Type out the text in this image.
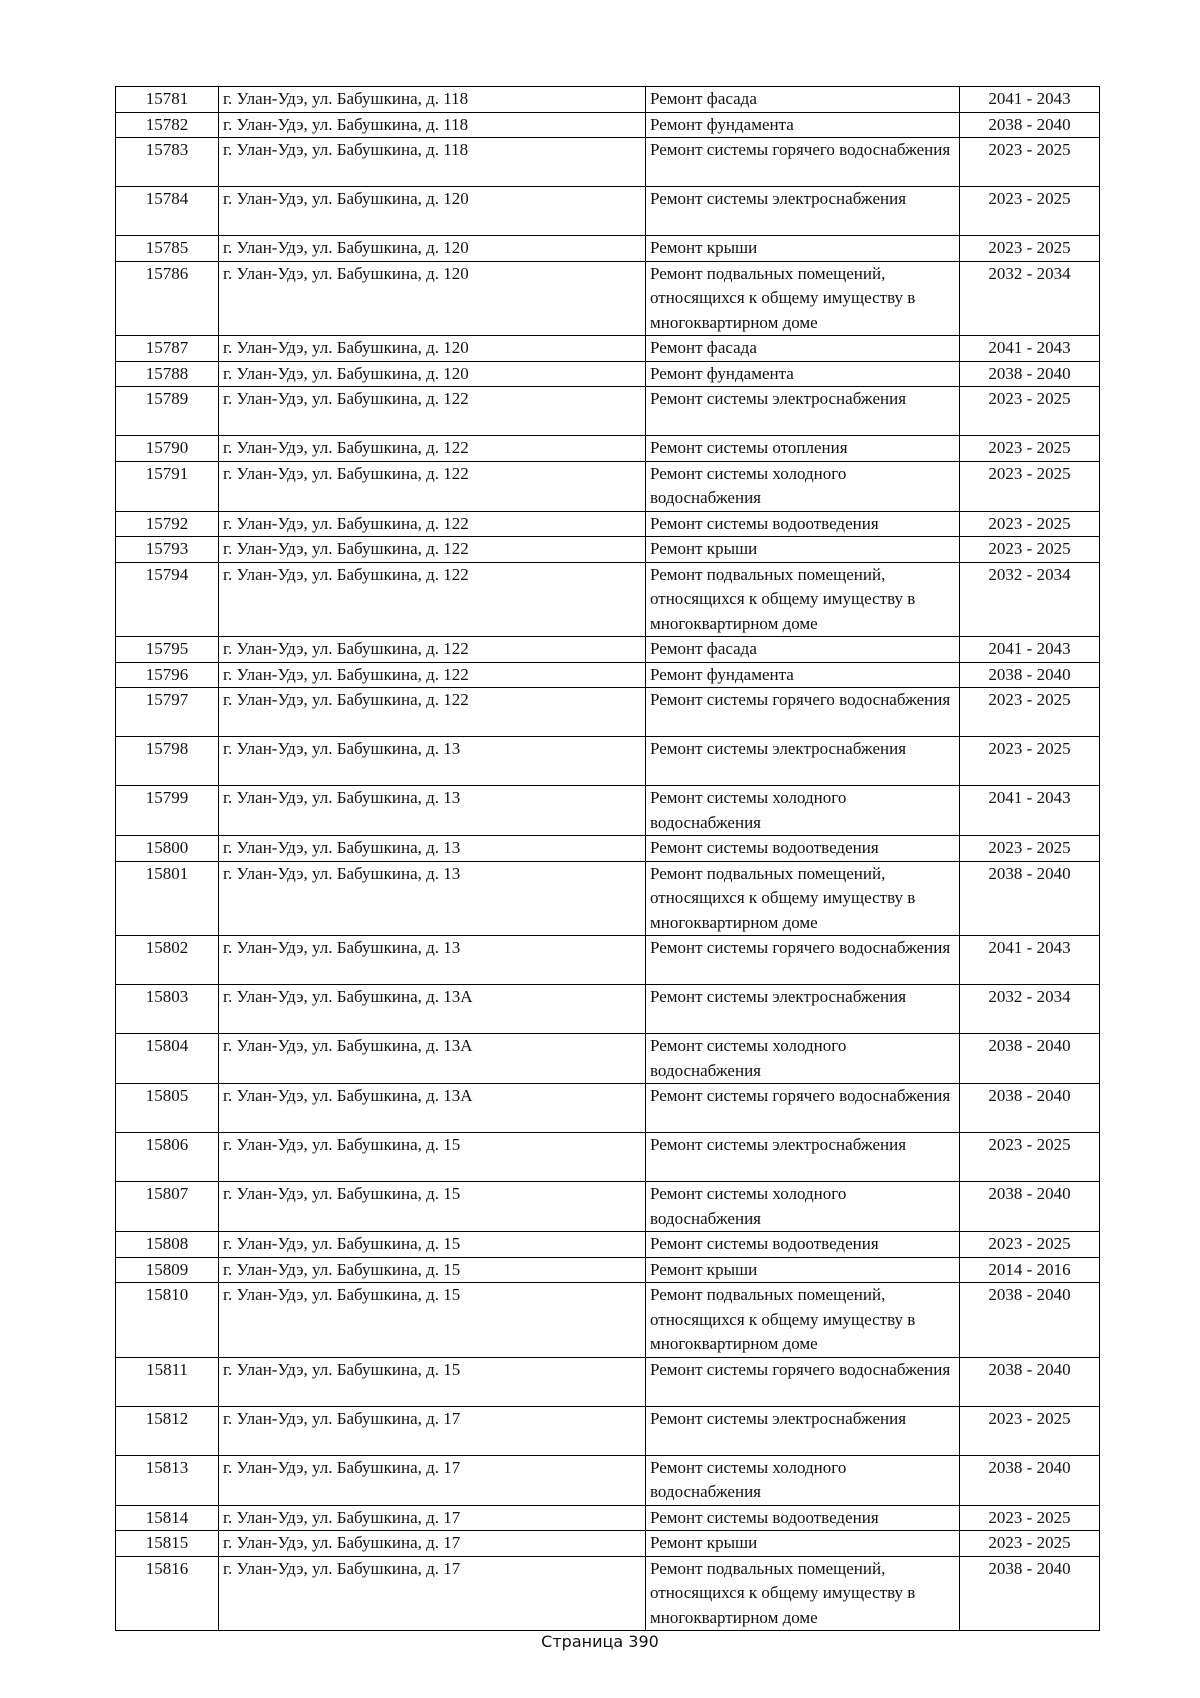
15781	г. Улан-Удэ, ул. Бабушкина, д. 118	Ремонт фасада	2041 - 2043
15782	г. Улан-Удэ, ул. Бабушкина, д. 118	Ремонт фундамента	2038 - 2040
15783	г. Улан-Удэ, ул. Бабушкина, д. 118	Ремонт системы горячего водоснабжения	2023 - 2025
15784	г. Улан-Удэ, ул. Бабушкина, д. 120	Ремонт системы электроснабжения	2023 - 2025
15785	г. Улан-Удэ, ул. Бабушкина, д. 120	Ремонт крыши	2023 - 2025
15786	г. Улан-Удэ, ул. Бабушкина, д. 120	Ремонт подвальных помещений, относящихся к общему имуществу в многоквартирном доме	2032 - 2034
15787	г. Улан-Удэ, ул. Бабушкина, д. 120	Ремонт фасада	2041 - 2043
15788	г. Улан-Удэ, ул. Бабушкина, д. 120	Ремонт фундамента	2038 - 2040
15789	г. Улан-Удэ, ул. Бабушкина, д. 122	Ремонт системы электроснабжения	2023 - 2025
15790	г. Улан-Удэ, ул. Бабушкина, д. 122	Ремонт системы отопления	2023 - 2025
15791	г. Улан-Удэ, ул. Бабушкина, д. 122	Ремонт системы холодного водоснабжения	2023 - 2025
15792	г. Улан-Удэ, ул. Бабушкина, д. 122	Ремонт системы водоотведения	2023 - 2025
15793	г. Улан-Удэ, ул. Бабушкина, д. 122	Ремонт крыши	2023 - 2025
15794	г. Улан-Удэ, ул. Бабушкина, д. 122	Ремонт подвальных помещений, относящихся к общему имуществу в многоквартирном доме	2032 - 2034
15795	г. Улан-Удэ, ул. Бабушкина, д. 122	Ремонт фасада	2041 - 2043
15796	г. Улан-Удэ, ул. Бабушкина, д. 122	Ремонт фундамента	2038 - 2040
15797	г. Улан-Удэ, ул. Бабушкина, д. 122	Ремонт системы горячего водоснабжения	2023 - 2025
15798	г. Улан-Удэ, ул. Бабушкина, д. 13	Ремонт системы электроснабжения	2023 - 2025
15799	г. Улан-Удэ, ул. Бабушкина, д. 13	Ремонт системы холодного водоснабжения	2041 - 2043
15800	г. Улан-Удэ, ул. Бабушкина, д. 13	Ремонт системы водоотведения	2023 - 2025
15801	г. Улан-Удэ, ул. Бабушкина, д. 13	Ремонт подвальных помещений, относящихся к общему имуществу в многоквартирном доме	2038 - 2040
15802	г. Улан-Удэ, ул. Бабушкина, д. 13	Ремонт системы горячего водоснабжения	2041 - 2043
15803	г. Улан-Удэ, ул. Бабушкина, д. 13А	Ремонт системы электроснабжения	2032 - 2034
15804	г. Улан-Удэ, ул. Бабушкина, д. 13А	Ремонт системы холодного водоснабжения	2038 - 2040
15805	г. Улан-Удэ, ул. Бабушкина, д. 13А	Ремонт системы горячего водоснабжения	2038 - 2040
15806	г. Улан-Удэ, ул. Бабушкина, д. 15	Ремонт системы электроснабжения	2023 - 2025
15807	г. Улан-Удэ, ул. Бабушкина, д. 15	Ремонт системы холодного водоснабжения	2038 - 2040
15808	г. Улан-Удэ, ул. Бабушкина, д. 15	Ремонт системы водоотведения	2023 - 2025
15809	г. Улан-Удэ, ул. Бабушкина, д. 15	Ремонт крыши	2014 - 2016
15810	г. Улан-Удэ, ул. Бабушкина, д. 15	Ремонт подвальных помещений, относящихся к общему имуществу в многоквартирном доме	2038 - 2040
15811	г. Улан-Удэ, ул. Бабушкина, д. 15	Ремонт системы горячего водоснабжения	2038 - 2040
15812	г. Улан-Удэ, ул. Бабушкина, д. 17	Ремонт системы электроснабжения	2023 - 2025
15813	г. Улан-Удэ, ул. Бабушкина, д. 17	Ремонт системы холодного водоснабжения	2038 - 2040
15814	г. Улан-Удэ, ул. Бабушкина, д. 17	Ремонт системы водоотведения	2023 - 2025
15815	г. Улан-Удэ, ул. Бабушкина, д. 17	Ремонт крыши	2023 - 2025
15816	г. Улан-Удэ, ул. Бабушкина, д. 17	Ремонт подвальных помещений, относящихся к общему имуществу в многоквартирном доме	2038 - 2040
Страница 390
